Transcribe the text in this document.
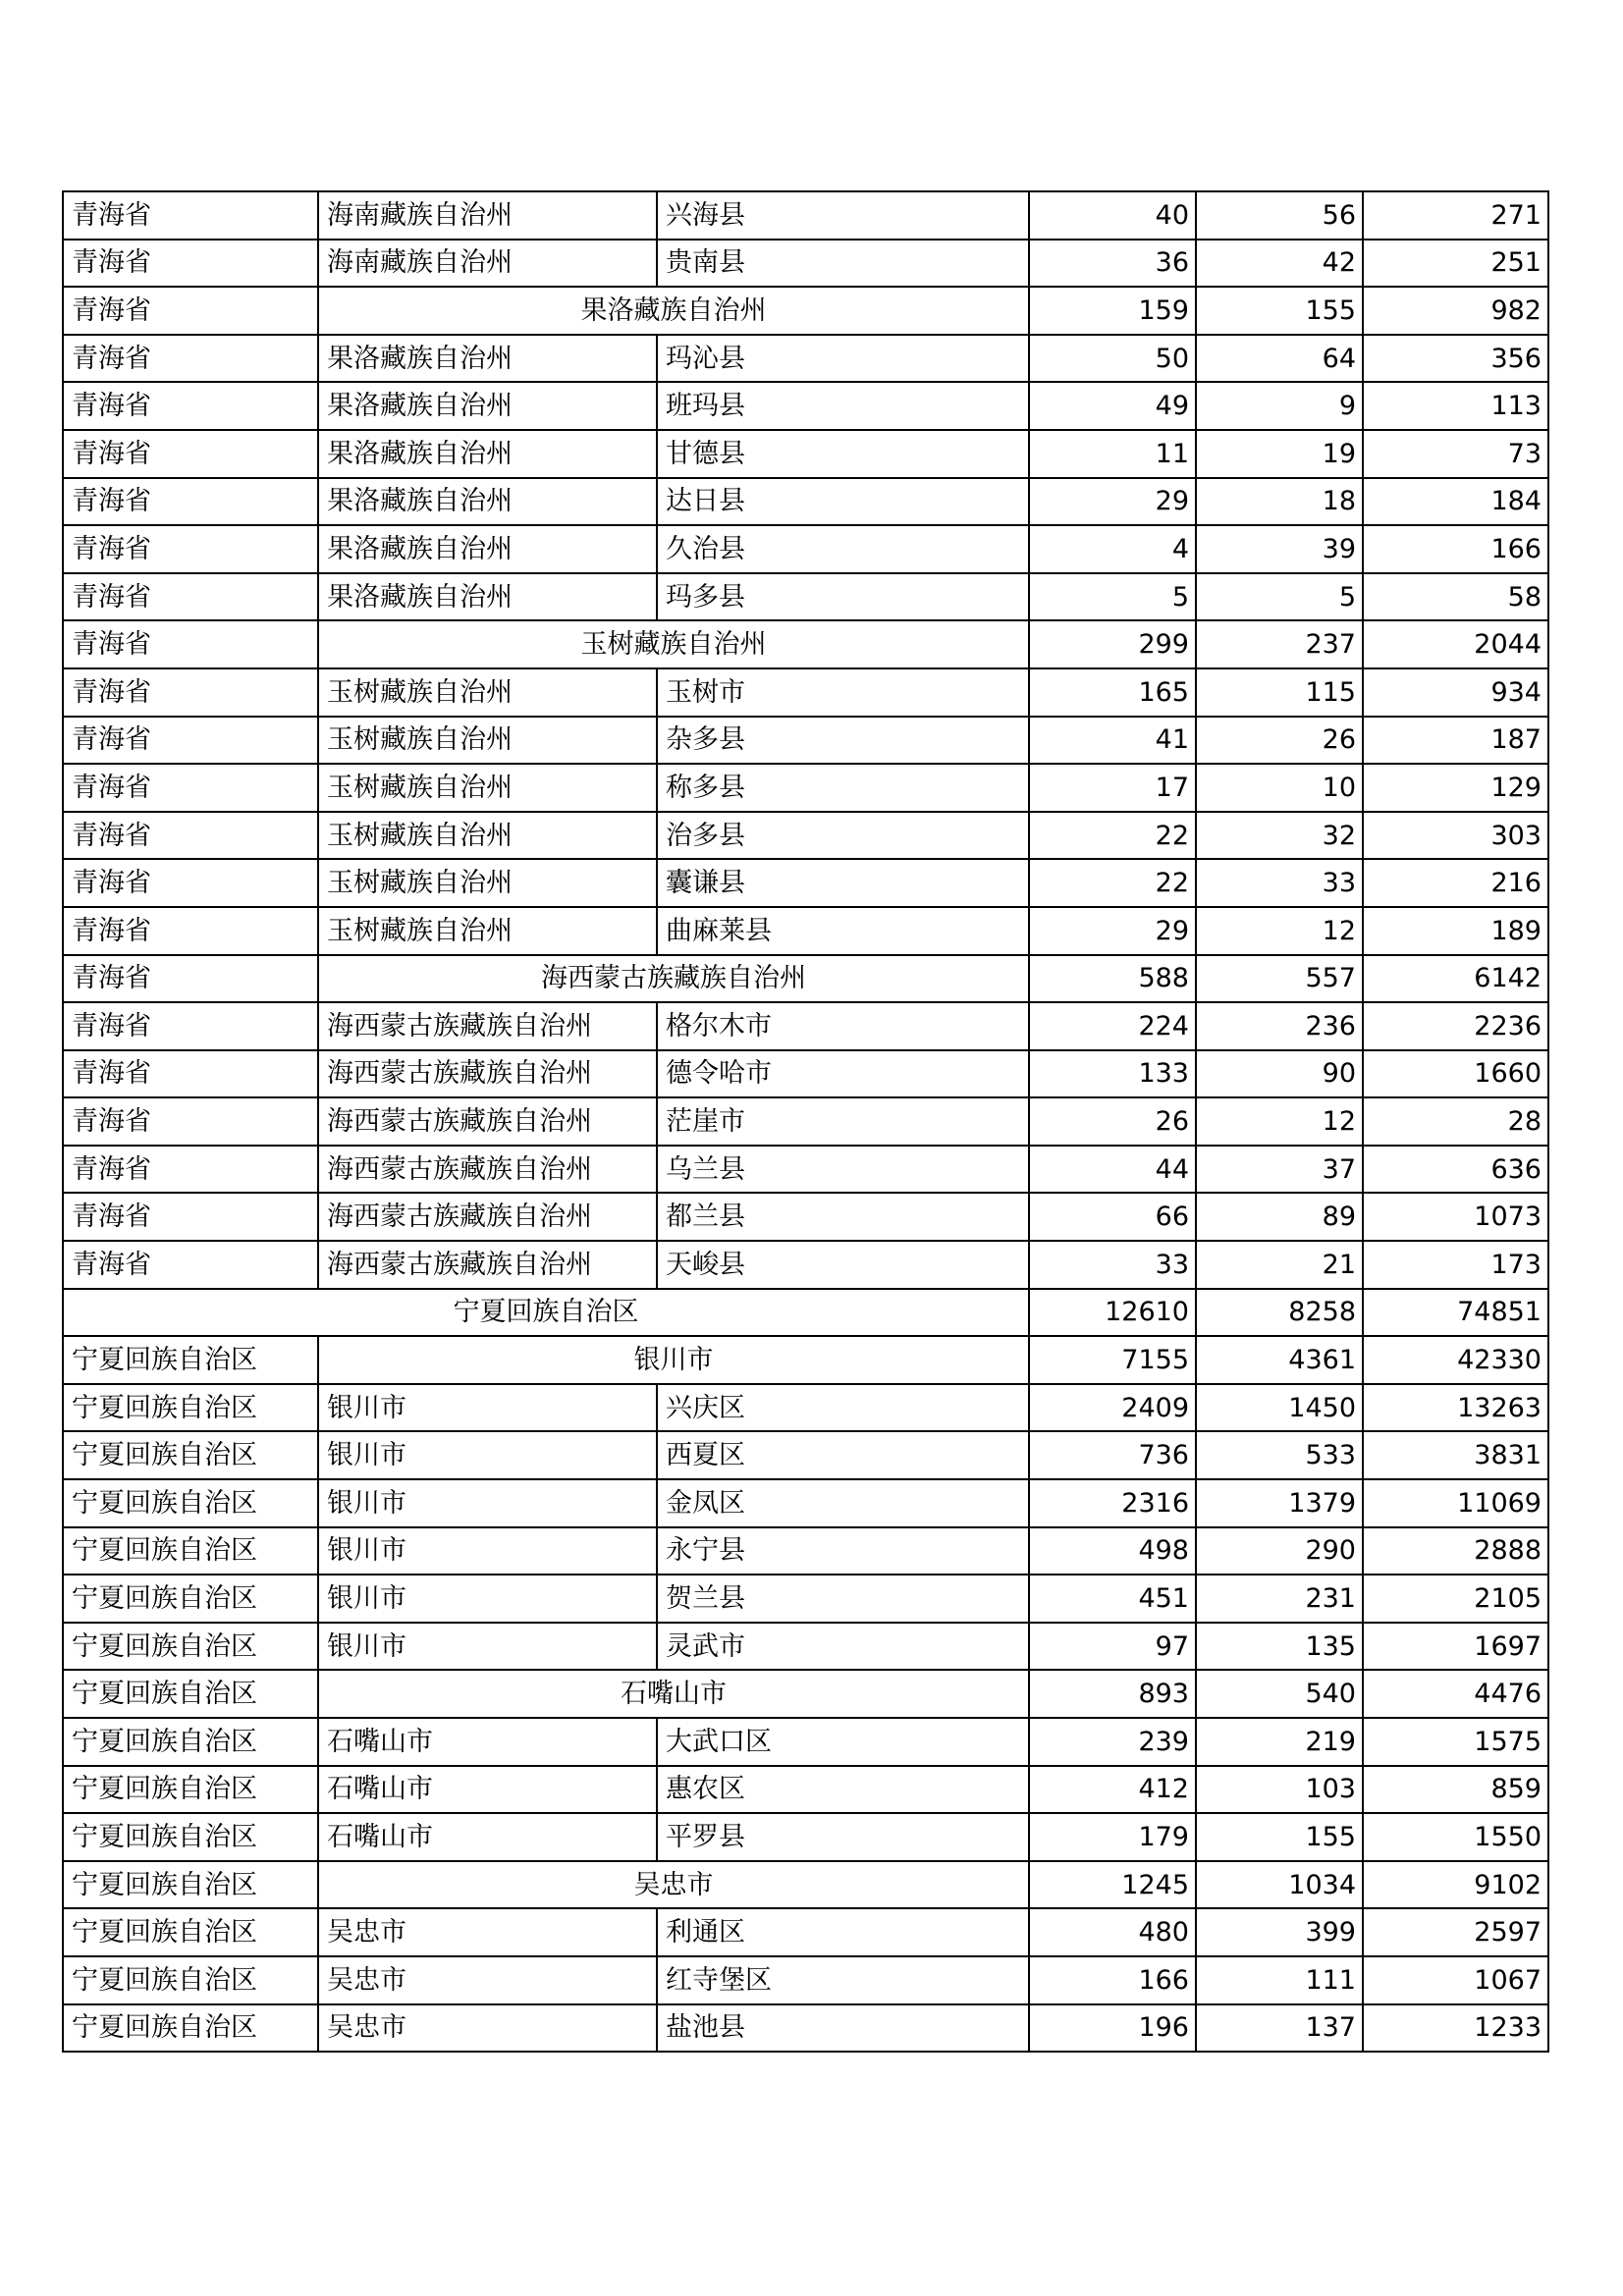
青海省	海南藏族自治州	兴海县	40	56	271
青海省	海南藏族自治州	贵南县	36	42	251
青海省	果洛藏族自治州		159	155	982
青海省	果洛藏族自治州	玛沁县	50	64	356
青海省	果洛藏族自治州	班玛县	49	9	113
青海省	果洛藏族自治州	甘德县	11	19	73
青海省	果洛藏族自治州	达日县	29	18	184
青海省	果洛藏族自治州	久治县	4	39	166
青海省	果洛藏族自治州	玛多县	5	5	58
青海省	玉树藏族自治州		299	237	2044
青海省	玉树藏族自治州	玉树市	165	115	934
青海省	玉树藏族自治州	杂多县	41	26	187
青海省	玉树藏族自治州	称多县	17	10	129
青海省	玉树藏族自治州	治多县	22	32	303
青海省	玉树藏族自治州	囊谦县	22	33	216
青海省	玉树藏族自治州	曲麻莱县	29	12	189
青海省	海西蒙古族藏族自治州		588	557	6142
青海省	海西蒙古族藏族自治州	格尔木市	224	236	2236
青海省	海西蒙古族藏族自治州	德令哈市	133	90	1660
青海省	海西蒙古族藏族自治州	茫崖市	26	12	28
青海省	海西蒙古族藏族自治州	乌兰县	44	37	636
青海省	海西蒙古族藏族自治州	都兰县	66	89	1073
青海省	海西蒙古族藏族自治州	天峻县	33	21	173
宁夏回族自治区			12610	8258	74851
宁夏回族自治区	银川市		7155	4361	42330
宁夏回族自治区	银川市	兴庆区	2409	1450	13263
宁夏回族自治区	银川市	西夏区	736	533	3831
宁夏回族自治区	银川市	金凤区	2316	1379	11069
宁夏回族自治区	银川市	永宁县	498	290	2888
宁夏回族自治区	银川市	贺兰县	451	231	2105
宁夏回族自治区	银川市	灵武市	97	135	1697
宁夏回族自治区	石嘴山市		893	540	4476
宁夏回族自治区	石嘴山市	大武口区	239	219	1575
宁夏回族自治区	石嘴山市	惠农区	412	103	859
宁夏回族自治区	石嘴山市	平罗县	179	155	1550
宁夏回族自治区	吴忠市		1245	1034	9102
宁夏回族自治区	吴忠市	利通区	480	399	2597
宁夏回族自治区	吴忠市	红寺堡区	166	111	1067
宁夏回族自治区	吴忠市	盐池县	196	137	1233
